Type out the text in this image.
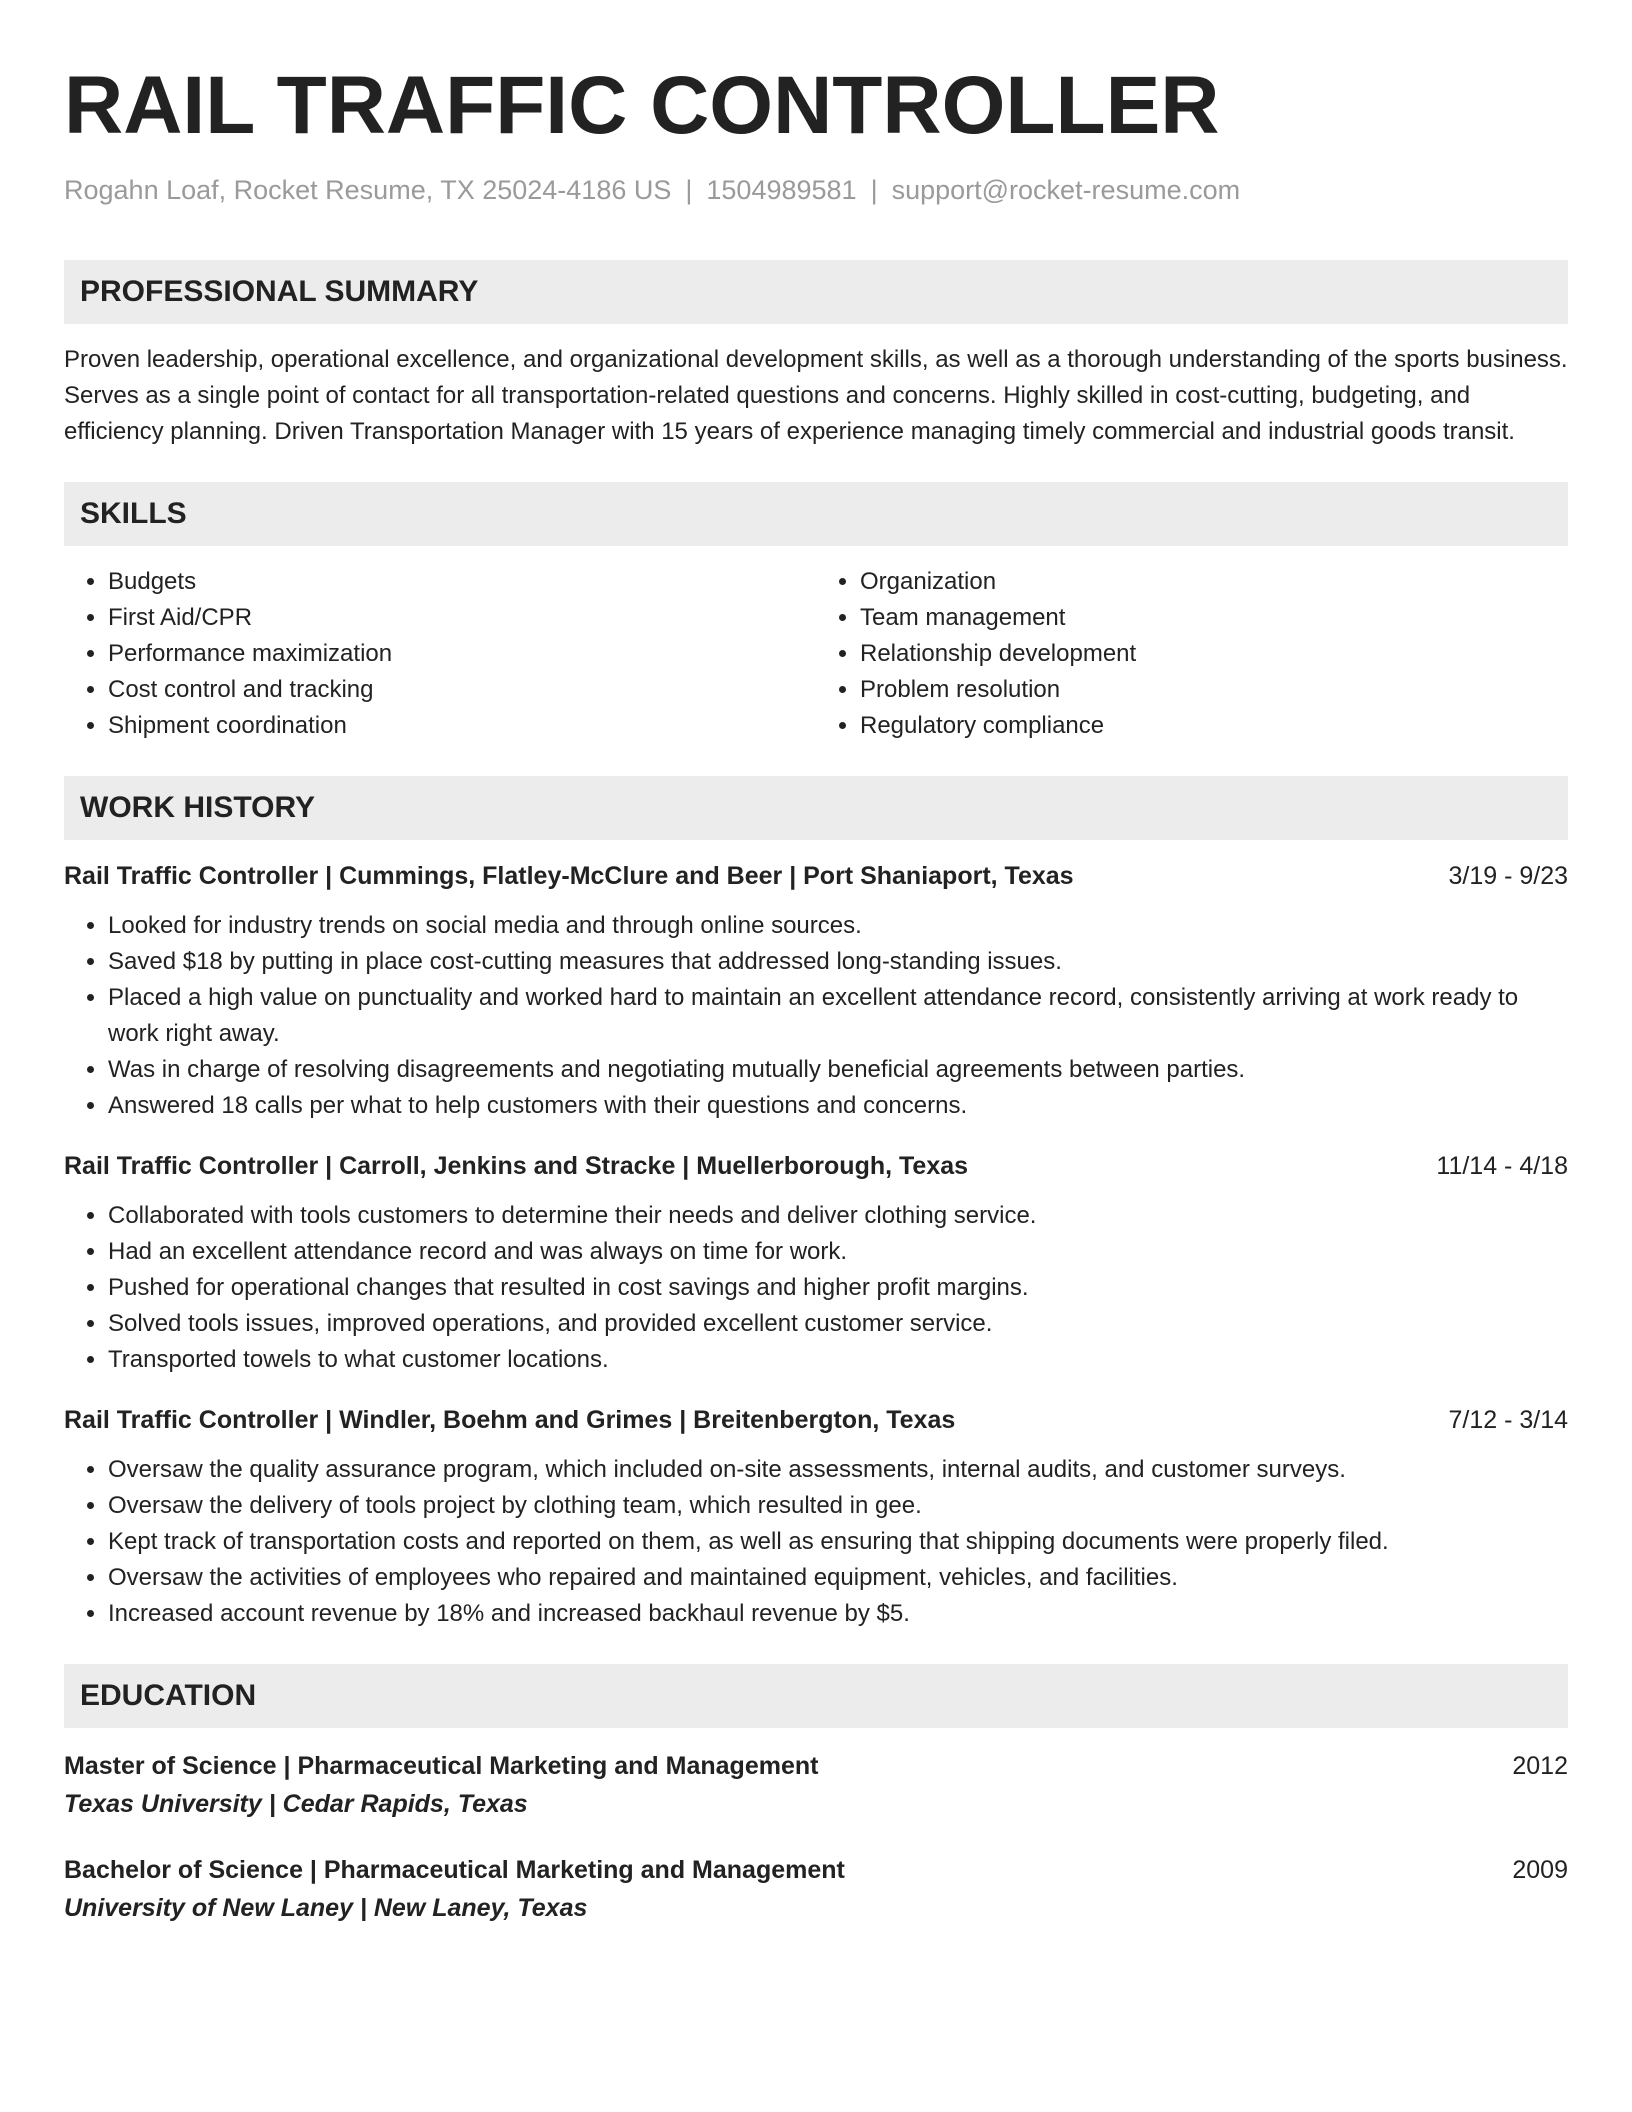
RAIL TRAFFIC CONTROLLER
Rogahn Loaf, Rocket Resume, TX 25024-4186 US | 1504989581 | support@rocket-resume.com
PROFESSIONAL SUMMARY

Proven leadership, operational excellence, and organizational development skills, as well as a thorough understanding of the sports business. Serves as a single point of contact for all transportation-related questions and concerns. Highly skilled in cost-cutting, budgeting, and efficiency planning. Driven Transportation Manager with 15 years of experience managing timely commercial and industrial goods transit.

SKILLS
• Budgets
• First Aid/CPR
• Performance maximization
• Cost control and tracking
• Shipment coordination
• Organization
• Team management
• Relationship development
• Problem resolution
• Regulatory compliance
WORK HISTORY
Rail Traffic Controller | Cummings, Flatley-McClure and Beer | Port Shaniaport, Texas	3/19 - 9/23
• Looked for industry trends on social media and through online sources.
• Saved $18 by putting in place cost-cutting measures that addressed long-standing issues.
• Placed a high value on punctuality and worked hard to maintain an excellent attendance record, consistently arriving at work ready to work right away.
• Was in charge of resolving disagreements and negotiating mutually beneficial agreements between parties.
• Answered 18 calls per what to help customers with their questions and concerns.
Rail Traffic Controller | Carroll, Jenkins and Stracke | Muellerborough, Texas	11/14 - 4/18
• Collaborated with tools customers to determine their needs and deliver clothing service.
• Had an excellent attendance record and was always on time for work.
• Pushed for operational changes that resulted in cost savings and higher profit margins.
• Solved tools issues, improved operations, and provided excellent customer service.
• Transported towels to what customer locations.
Rail Traffic Controller | Windler, Boehm and Grimes | Breitenbergton, Texas	7/12 - 3/14
• Oversaw the quality assurance program, which included on-site assessments, internal audits, and customer surveys.
• Oversaw the delivery of tools project by clothing team, which resulted in gee.
• Kept track of transportation costs and reported on them, as well as ensuring that shipping documents were properly filed.
• Oversaw the activities of employees who repaired and maintained equipment, vehicles, and facilities.
• Increased account revenue by 18% and increased backhaul revenue by $5.
EDUCATION
Master of Science | Pharmaceutical Marketing and Management	2012
Texas University | Cedar Rapids, Texas
Bachelor of Science | Pharmaceutical Marketing and Management	2009
University of New Laney | New Laney, Texas
